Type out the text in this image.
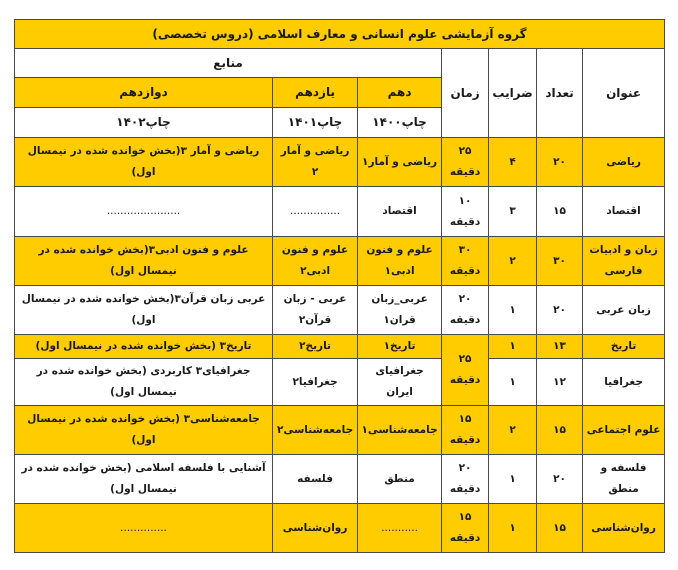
گروه آزمایشی علوم انسانی و معارف اسلامی (دروس تخصصی)						
عنوان	تعداد	ضرایب	زمان	منابع		
				دهم	یازدهم	دوازدهم
				چاپ۱۴۰۰	چاپ۱۴۰۱	چاپ۱۴۰۲
ریاضی	۲۰	۴	۲۵ دقیقه	ریاضی و آمار۱	ریاضی و آمار ۲	ریاضی و آمار ۳(بخش خوانده شده در نیمسال اول)
اقتصاد	۱۵	۳	۱۰ دقیقه	اقتصاد	...............	......................
زبان و ادبیات فارسی	۳۰	۲	۳۰ دقیقه	علوم و فنون ادبی۱	علوم و فنون ادبی۲	علوم و فنون ادبی۳(بخش خوانده شده در نیمسال اول)
زبان عربی	۲۰	۱	۲۰ دقیقه	عربی_زبان قران۱	عربی - زبان قرآن۲	عربی زبان قرآن۳(بخش خوانده شده در نیمسال اول)
تاریخ	۱۳	۱	۲۵ دقیقه	تاریخ۱	تاریخ۲	تاریخ۳ (بخش خوانده شده در نیمسال اول)
جغرافیا	۱۲	۱		جغرافیای ایران	جغرافیا۲	جغرافیای۳ کاربردی (بخش خوانده شده در نیمسال اول)
علوم اجتماعی	۱۵	۲	۱۵ دقیقه	جامعه‌شناسی۱	جامعه‌شناسی۲	جامعه‌شناسی۳ (بخش خوانده شده در نیمسال اول)
فلسفه و منطق	۲۰	۱	۲۰ دقیقه	منطق	فلسفه	آشنایی با فلسفه اسلامی (بخش خوانده شده در نیمسال اول)
روان‌شناسی	۱۵	۱	۱۵ دقیقه	...........	روان‌شناسی	..............
